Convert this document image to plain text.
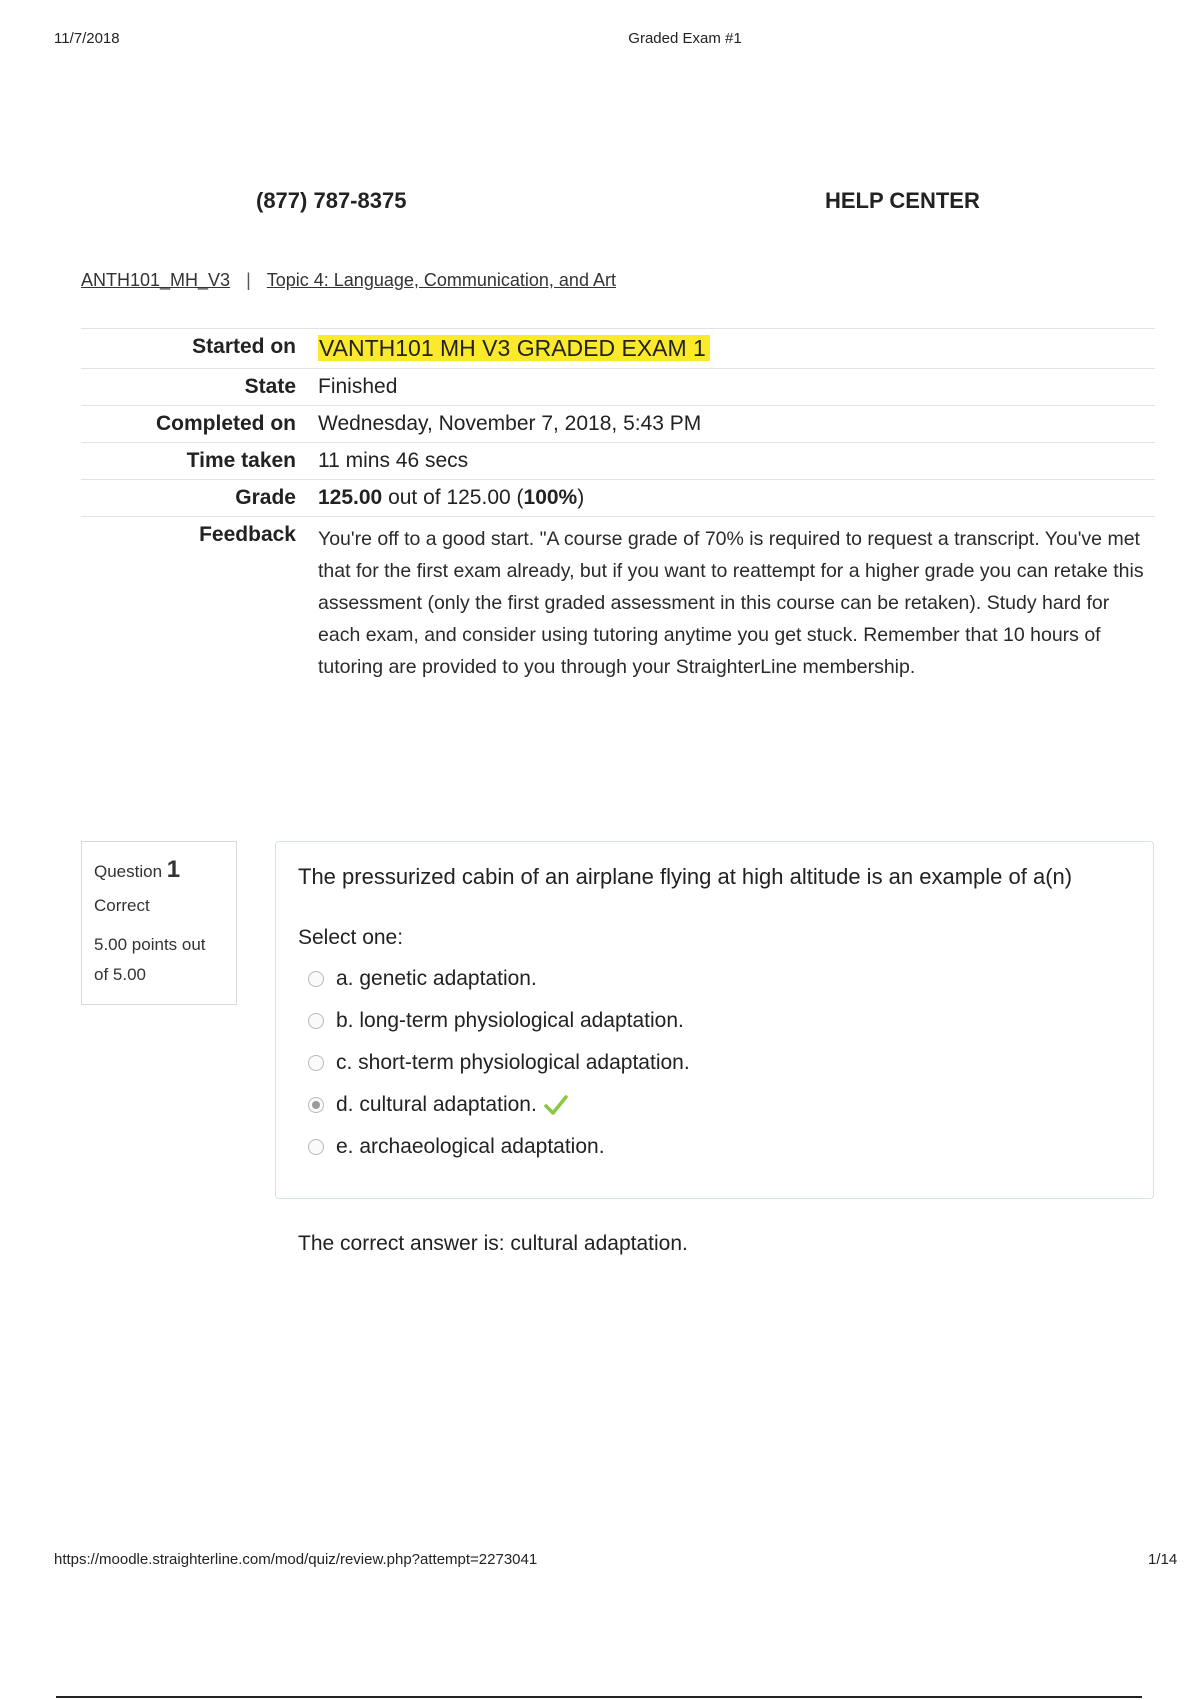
11/7/2018	Graded Exam #1
(877) 787-8375	HELP CENTER
ANTH101_MH_V3 | Topic 4: Language, Communication, and Art
Started on	VANTH101 MH V3 GRADED EXAM 1
State	Finished
Completed on	Wednesday, November 7, 2018, 5:43 PM
Time taken	11 mins 46 secs
Grade	125.00 out of 125.00 (100%)
Feedback	You're off to a good start. "A course grade of 70% is required to request a transcript. You've met that for the first exam already, but if you want to reattempt for a higher grade you can retake this assessment (only the first graded assessment in this course can be retaken). Study hard for each exam, and consider using tutoring anytime you get stuck. Remember that 10 hours of tutoring are provided to you through your StraighterLine membership.
Question 1
Correct
5.00 points out of 5.00
The pressurized cabin of an airplane flying at high altitude is an example of a(n)
Select one:
a. genetic adaptation.
b. long-term physiological adaptation.
c. short-term physiological adaptation.
d. cultural adaptation.
e. archaeological adaptation.
The correct answer is: cultural adaptation.
https://moodle.straighterline.com/mod/quiz/review.php?attempt=2273041	1/14
